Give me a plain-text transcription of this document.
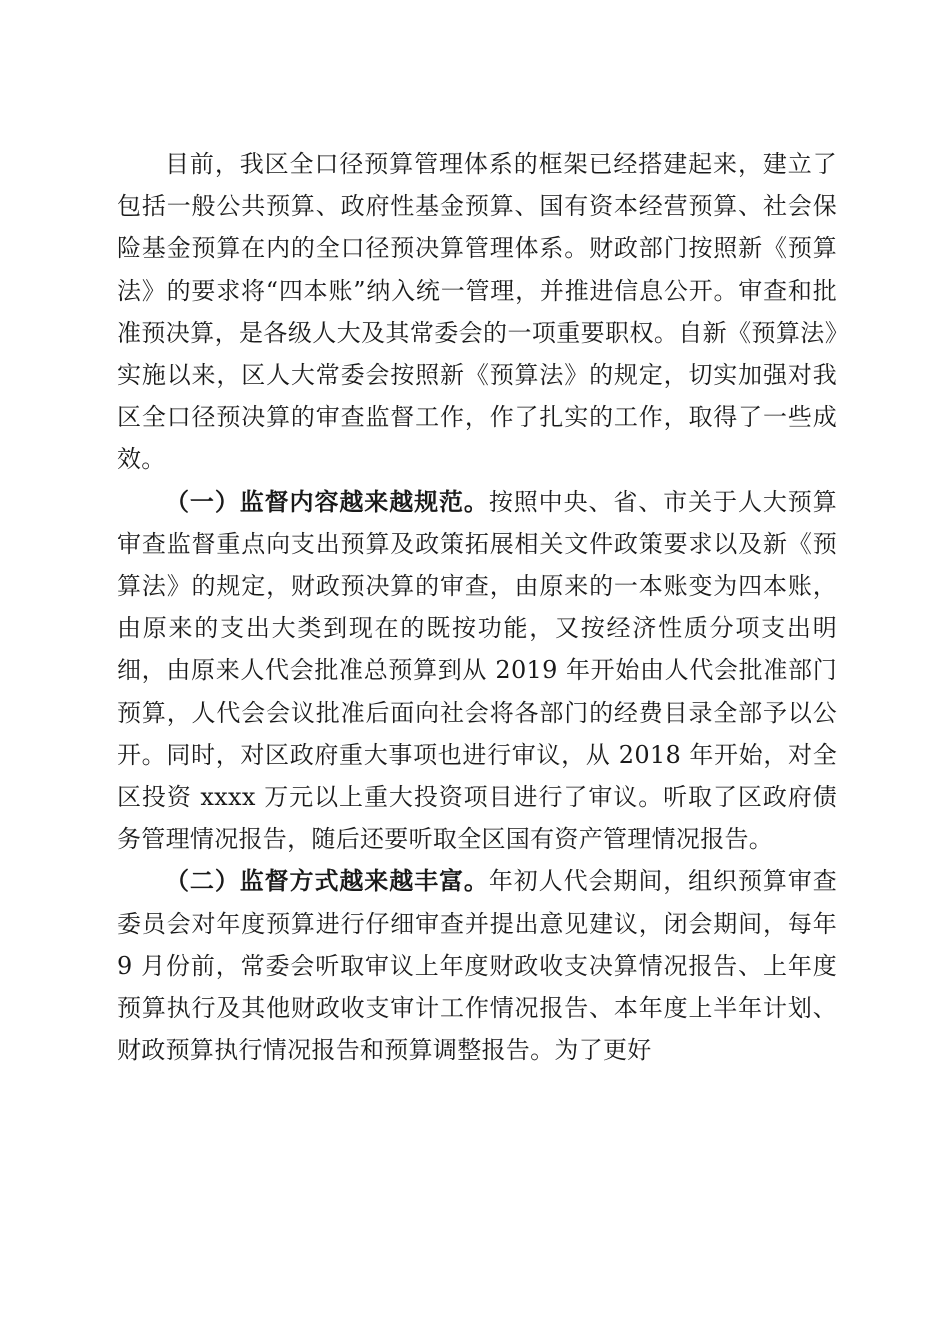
目前，我区全口径预算管理体系的框架已经搭建起来，建立了包括一般公共预算、政府性基金预算、国有资本经营预算、社会保险基金预算在内的全口径预决算管理体系。财政部门按照新《预算法》的要求将“四本账”纳入统一管理，并推进信息公开。审查和批准预决算，是各级人大及其常委会的一项重要职权。自新《预算法》实施以来，区人大常委会按照新《预算法》的规定，切实加强对我区全口径预决算的审查监督工作，作了扎实的工作，取得了一些成效。

（一）监督内容越来越规范。按照中央、省、市关于人大预算审查监督重点向支出预算及政策拓展相关文件政策要求以及新《预算法》的规定，财政预决算的审查，由原来的一本账变为四本账，由原来的支出大类到现在的既按功能，又按经济性质分项支出明细，由原来人代会批准总预算到从 2019 年开始由人代会批准部门预算，人代会会议批准后面向社会将各部门的经费目录全部予以公开。同时，对区政府重大事项也进行审议，从 2018 年开始，对全区投资 xxxx 万元以上重大投资项目进行了审议。听取了区政府债务管理情况报告，随后还要听取全区国有资产管理情况报告。

（二）监督方式越来越丰富。年初人代会期间，组织预算审查委员会对年度预算进行仔细审查并提出意见建议，闭会期间，每年 9 月份前，常委会听取审议上年度财政收支决算情况报告、上年度预算执行及其他财政收支审计工作情况报告、本年度上半年计划、财政预算执行情况报告和预算调整报告。为了更好
